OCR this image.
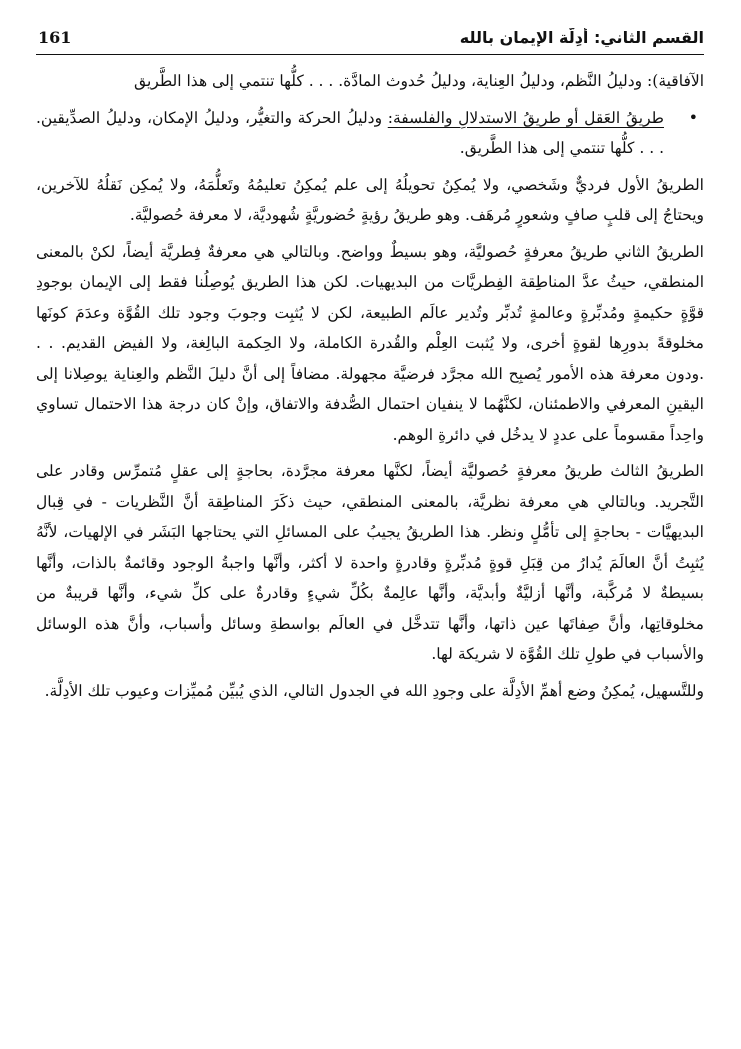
القسم الثاني: أدِلّة الإيمان بالله
161

الآفاقية): ودليلُ النَّظم، ودليلُ العِناية، ودليلُ حُدوث المادَّة. . . . كلُّها تنتمي إلى هذا الطَّريق

•
طريقُ العَقل أو طريقُ الاستدلالِ والفلسفة: ودليلُ الحركة والتغيُّر، ودليلُ الإمكان، ودليلُ الصدِّيقين. . . . كلُّها تنتمي إلى هذا الطَّريق.

الطريقُ الأول فرديٌّ وشَخصي، ولا يُمكِنُ تحويلُهُ إلى علم يُمكِنُ تعليمُهُ وتَعلُّمَهُ، ولا يُمكِن نَقلُهُ للآخرين، ويحتاجُ إلى قلبٍ صافٍ وشعورٍ مُرهَف. وهو طريقُ رؤيةٍ حُضوريَّةٍ شُهوديَّة، لا معرفة حُصوليَّة.

الطريقُ الثاني طريقُ معرفةٍ حُصوليَّة، وهو بسيطٌ وواضح. وبالتالي هي معرفةٌ فِطريَّة أيضاً، لكنْ بالمعنى المنطقي، حيثُ عدَّ المناطِقة الفِطريَّات من البديهيات. لكن هذا الطريق يُوصِلُنا فقط إلى الإيمان بوجودِ قوَّةٍ حكيمةٍ ومُدبِّرةٍ وعالمةٍ تُدبِّر وتُدير عالَم الطبيعة، لكن لا يُثبِت وجوبَ وجود تلك القُوَّة وعدَمَ كونَها مخلوقةً بدورِها لقوةٍ أخرى، ولا يُثبت العِلْم والقُدرة الكاملة، ولا الحِكمة البالِغة، ولا الفيض القديم. . . .ودون معرفة هذه الأمور يُصبِح الله مجرَّد فرضيَّة مجهولة. مضافاً إلى أنَّ دليلَ النَّظم والعِناية يوصِلانا إلى اليقينِ المعرفي والاطمئنان، لكنَّهُما لا ينفيان احتمال الصُّدفة والاتفاق، وإنْ كان درجة هذا الاحتمال تساوي واحِداً مقسوماً على عددٍ لا يدخُل في دائرةِ الوهم.

الطريقُ الثالث طريقُ معرفةٍ حُصوليَّة أيضاً، لكنَّها معرفة مجرَّدة، بحاجةٍ إلى عقلٍ مُتمرِّس وقادر على التَّجريد. وبالتالي هي معرفة نظريَّة، بالمعنى المنطقي، حيث ذكَرَ المناطِقة أنَّ النَّظريات - في قِبال البديهيَّات - بحاجةٍ إلى تأمُّلٍ ونظر. هذا الطريقُ يجيبُ على المسائلِ التي يحتاجها البَشَر في الإلهيات، لأنَّهُ يُثبِتُ أنَّ العالَمَ يُدارُ من قِبَلِ قوةٍ مُدبِّرةٍ وقادرةٍ واحدة لا أكثر، وأنَّها واجبةُ الوجود وقائمةٌ بالذات، وأنَّها بسيطةٌ لا مُركَّبة، وأنَّها أزليَّةٌ وأبديَّة، وأنَّها عالِمةٌ بكُلِّ شيءٍ وقادرةٌ على كلِّ شيء، وأنَّها قريبةٌ من مخلوقاتِها، وأنَّ صِفاتَها عين ذاتها، وأنَّها تتدخَّل في العالَم بواسطةِ وسائل وأسباب، وأنَّ هذه الوسائل والأسباب في طولِ تلك القُوَّة لا شريكة لها.

وللتَّسهيل، يُمكِنُ وضع أهمِّ الأدِلَّة على وجودِ الله في الجدول التالي، الذي يُبيِّن مُميِّزات وعيوب تلك الأدِلَّة.
